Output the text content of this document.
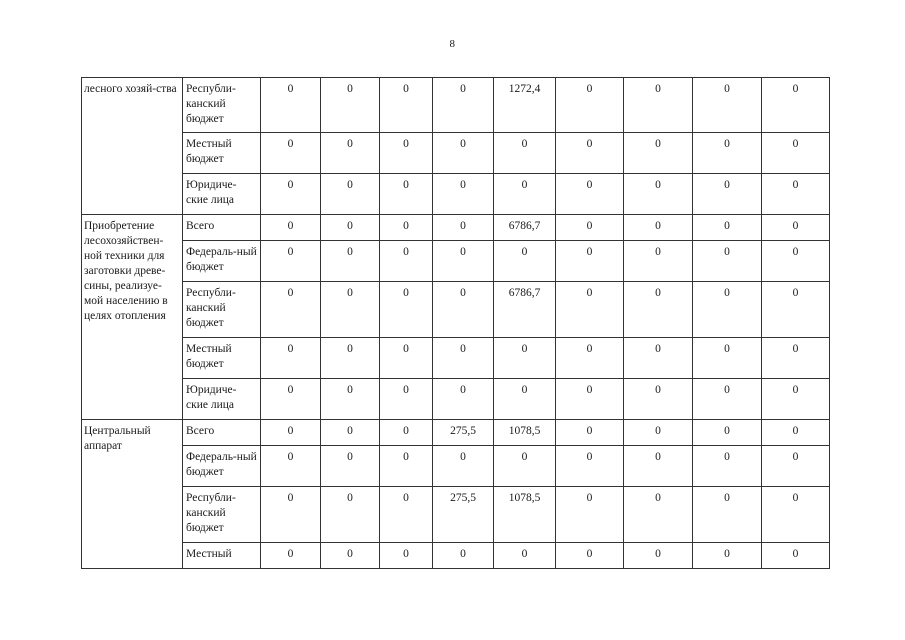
8
лесного хозяй-ства	Республи-канский бюджет	0	0	0	0	1272,4	0	0	0	0
	Местный бюджет	0	0	0	0	0	0	0	0	0
	Юридиче-ские лица	0	0	0	0	0	0	0	0	0
Приобретение лесохозяйствен-ной техники для заготовки древе-сины, реализуе-мой населению в целях отопления	Всего	0	0	0	0	6786,7	0	0	0	0
	Федераль-ный бюджет	0	0	0	0	0	0	0	0	0
	Республи-канский бюджет	0	0	0	0	6786,7	0	0	0	0
	Местный бюджет	0	0	0	0	0	0	0	0	0
	Юридиче-ские лица	0	0	0	0	0	0	0	0	0
Центральный аппарат	Всего	0	0	0	275,5	1078,5	0	0	0	0
	Федераль-ный бюджет	0	0	0	0	0	0	0	0	0
	Республи-канский бюджет	0	0	0	275,5	1078,5	0	0	0	0
	Местный	0	0	0	0	0	0	0	0	0
